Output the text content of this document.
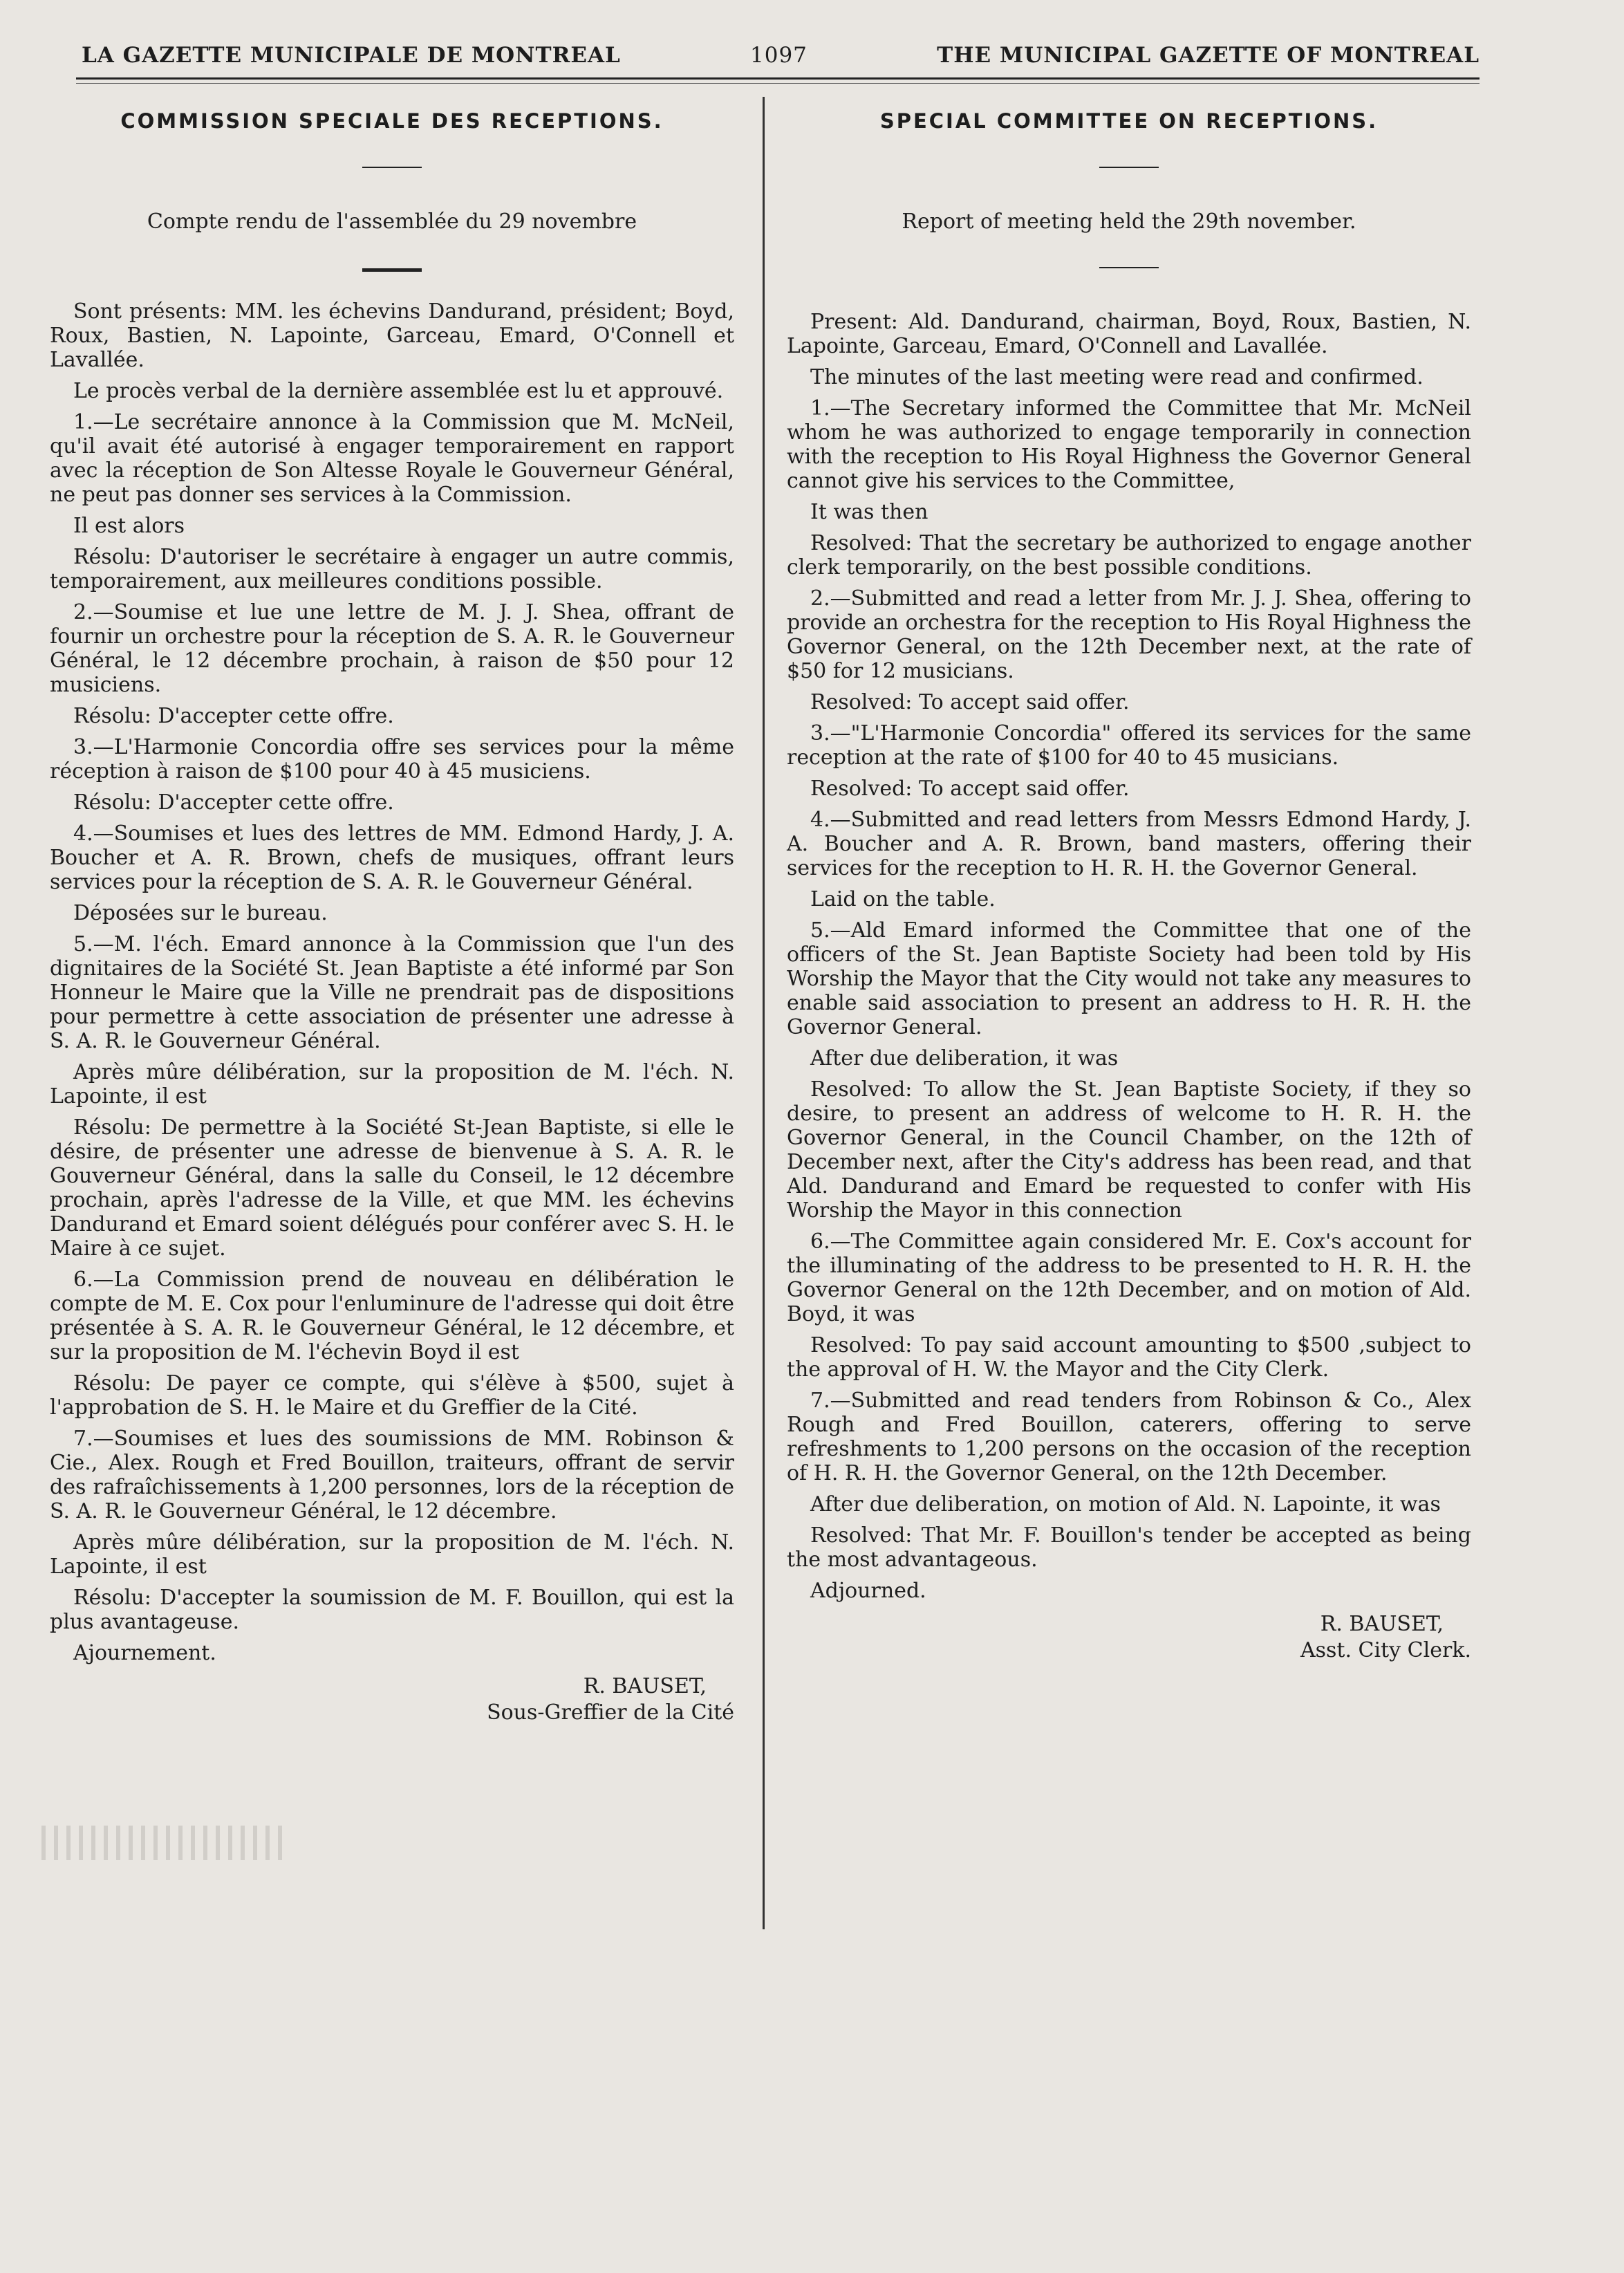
LA GAZETTE MUNICIPALE DE MONTREAL	1097	THE MUNICIPAL GAZETTE OF MONTREAL
COMMISSION SPECIALE DES RECEPTIONS.
Compte rendu de l'assemblée du 29 novembre

Sont présents: MM. les échevins Dandurand, président; Boyd, Roux, Bastien, N. Lapointe, Garceau, Emard, O'Connell et Lavallée.

Le procès verbal de la dernière assemblée est lu et approuvé.

1.—Le secrétaire annonce à la Commission que M. McNeil, qu'il avait été autorisé à engager temporairement en rapport avec la réception de Son Altesse Royale le Gouverneur Général, ne peut pas donner ses services à la Commission.

Il est alors

Résolu: D'autoriser le secrétaire à engager un autre commis, temporairement, aux meilleures conditions possible.

2.—Soumise et lue une lettre de M. J. J. Shea, offrant de fournir un orchestre pour la réception de S. A. R. le Gouverneur Général, le 12 décembre prochain, à raison de $50 pour 12 musiciens.

Résolu: D'accepter cette offre.

3.—L'Harmonie Concordia offre ses services pour la même réception à raison de $100 pour 40 à 45 musiciens.

Résolu: D'accepter cette offre.

4.—Soumises et lues des lettres de MM. Edmond Hardy, J. A. Boucher et A. R. Brown, chefs de musiques, offrant leurs services pour la réception de S. A. R. le Gouverneur Général.

Déposées sur le bureau.

5.—M. l'éch. Emard annonce à la Commission que l'un des dignitaires de la Société St. Jean Baptiste a été informé par Son Honneur le Maire que la Ville ne prendrait pas de dispositions pour permettre à cette association de présenter une adresse à S. A. R. le Gouverneur Général.

Après mûre délibération, sur la proposition de M. l'éch. N. Lapointe, il est

Résolu: De permettre à la Société St-Jean Baptiste, si elle le désire, de présenter une adresse de bienvenue à S. A. R. le Gouverneur Général, dans la salle du Conseil, le 12 décembre prochain, après l'adresse de la Ville, et que MM. les échevins Dandurand et Emard soient délégués pour conférer avec S. H. le Maire à ce sujet.

6.—La Commission prend de nouveau en délibération le compte de M. E. Cox pour l'enluminure de l'adresse qui doit être présentée à S. A. R. le Gouverneur Général, le 12 décembre, et sur la proposition de M. l'échevin Boyd il est

Résolu: De payer ce compte, qui s'élève à $500, sujet à l'approbation de S. H. le Maire et du Greffier de la Cité.

7.—Soumises et lues des soumissions de MM. Robinson & Cie., Alex. Rough et Fred Bouillon, traiteurs, offrant de servir des rafraîchissements à 1,200 personnes, lors de la réception de S. A. R. le Gouverneur Général, le 12 décembre.

Après mûre délibération, sur la proposition de M. l'éch. N. Lapointe, il est

Résolu: D'accepter la soumission de M. F. Bouillon, qui est la plus avantageuse.

Ajournement.

R. BAUSET,
Sous-Greffier de la Cité
SPECIAL COMMITTEE ON RECEPTIONS.
Report of meeting held the 29th november.

Present: Ald. Dandurand, chairman, Boyd, Roux, Bastien, N. Lapointe, Garceau, Emard, O'Connell and Lavallée.

The minutes of the last meeting were read and confirmed.

1.—The Secretary informed the Committee that Mr. McNeil whom he was authorized to engage temporarily in connection with the reception to His Royal Highness the Governor General cannot give his services to the Committee,

It was then

Resolved: That the secretary be authorized to engage another clerk temporarily, on the best possible conditions.

2.—Submitted and read a letter from Mr. J. J. Shea, offering to provide an orchestra for the reception to His Royal Highness the Governor General, on the 12th December next, at the rate of $50 for 12 musicians.

Resolved: To accept said offer.

3.—"L'Harmonie Concordia" offered its services for the same reception at the rate of $100 for 40 to 45 musicians.

Resolved: To accept said offer.

4.—Submitted and read letters from Messrs Edmond Hardy, J. A. Boucher and A. R. Brown, band masters, offering their services for the reception to H. R. H. the Governor General.

Laid on the table.

5.—Ald Emard informed the Committee that one of the officers of the St. Jean Baptiste Society had been told by His Worship the Mayor that the City would not take any measures to enable said association to present an address to H. R. H. the Governor General.

After due deliberation, it was

Resolved: To allow the St. Jean Baptiste Society, if they so desire, to present an address of welcome to H. R. H. the Governor General, in the Council Chamber, on the 12th of December next, after the City's address has been read, and that Ald. Dandurand and Emard be requested to confer with His Worship the Mayor in this connection

6.—The Committee again considered Mr. E. Cox's account for the illuminating of the address to be presented to H. R. H. the Governor General on the 12th December, and on motion of Ald. Boyd, it was

Resolved: To pay said account amounting to $500 ,subject to the approval of H. W. the Mayor and the City Clerk.

7.—Submitted and read tenders from Robinson & Co., Alex Rough and Fred Bouillon, caterers, offering to serve refreshments to 1,200 persons on the occasion of the reception of H. R. H. the Governor General, on the 12th December.

After due deliberation, on motion of Ald. N. Lapointe, it was

Resolved: That Mr. F. Bouillon's tender be accepted as being the most advantageous.

Adjourned.

R. BAUSET,
Asst. City Clerk.
